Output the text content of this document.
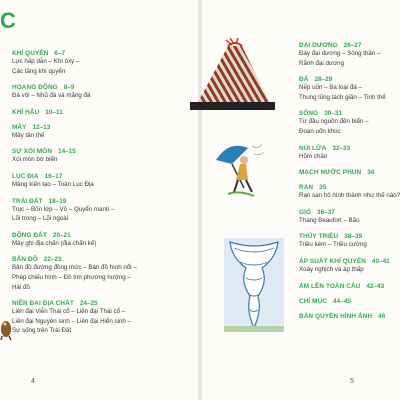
C
KHÍ QUYỂN 6–7
Lực hấp dẫn – Khí ôxy –
Các tầng khí quyển
HOẠNG ĐỘNG 8–9
Đá vôi – Nhũ đá và măng đá
KHÍ HẬU 10–11
MÂY 12–13
Mây tận thế
SỰ XÓI MÒN 14–15
Xói mòn bờ biển
LỤC ĐỊA 16–17
Mảng kiến tạo – Toàn Lục Địa
TRÁI ĐẤT 18–19
Trục – Bốn lớp – Vỏ – Quyển manti –
Lõi trong – Lõi ngoài
ĐỘNG ĐẤT 20–21
Máy ghi địa chấn (địa chấn kế)
BẢN ĐỒ 22–23
Bản đồ đường đồng mức – Bản đồ hình nổi –
Phép chiếu hình – Đồ tìm phương hướng –
Hải đồ
NIÊN ĐẠI ĐỊA CHẤT 24–25
Liên đại Viễn Thái cổ – Liên đại Thái cổ –
Liên đại Nguyên sinh – Liên đại Hiển sinh –
Sự sống trên Trái Đất
4
ĐẠI DƯƠNG 26–27
Đáy đại dương – Sóng thần –
Rãnh đại dương
ĐÁ 28–29
Nếp uốn – Ba loại đá –
Thung lũng tách giãn – Tinh thể
SÔNG 30–31
Từ đầu nguồn đến biển –
Đoạn uốn khúc
NÚI LỬA 32–33
Hõm chảo
MẠCH NƯỚC PHUN 34
RẠN 35
Rạn san hô hình thành như thế nào?
GIÓ 36–37
Thang Beaufort – Bão
THỦY TRIỀU 38–39
Triều kém – Triều cường
ÁP SUẤT KHÍ QUYỂN 40–41
Xoáy nghịch và áp thấp
ẤM LÊN TOÀN CẦU 42–43
CHỈ MỤC 44–45
BẢN QUYỀN HÌNH ẢNH 46
5
